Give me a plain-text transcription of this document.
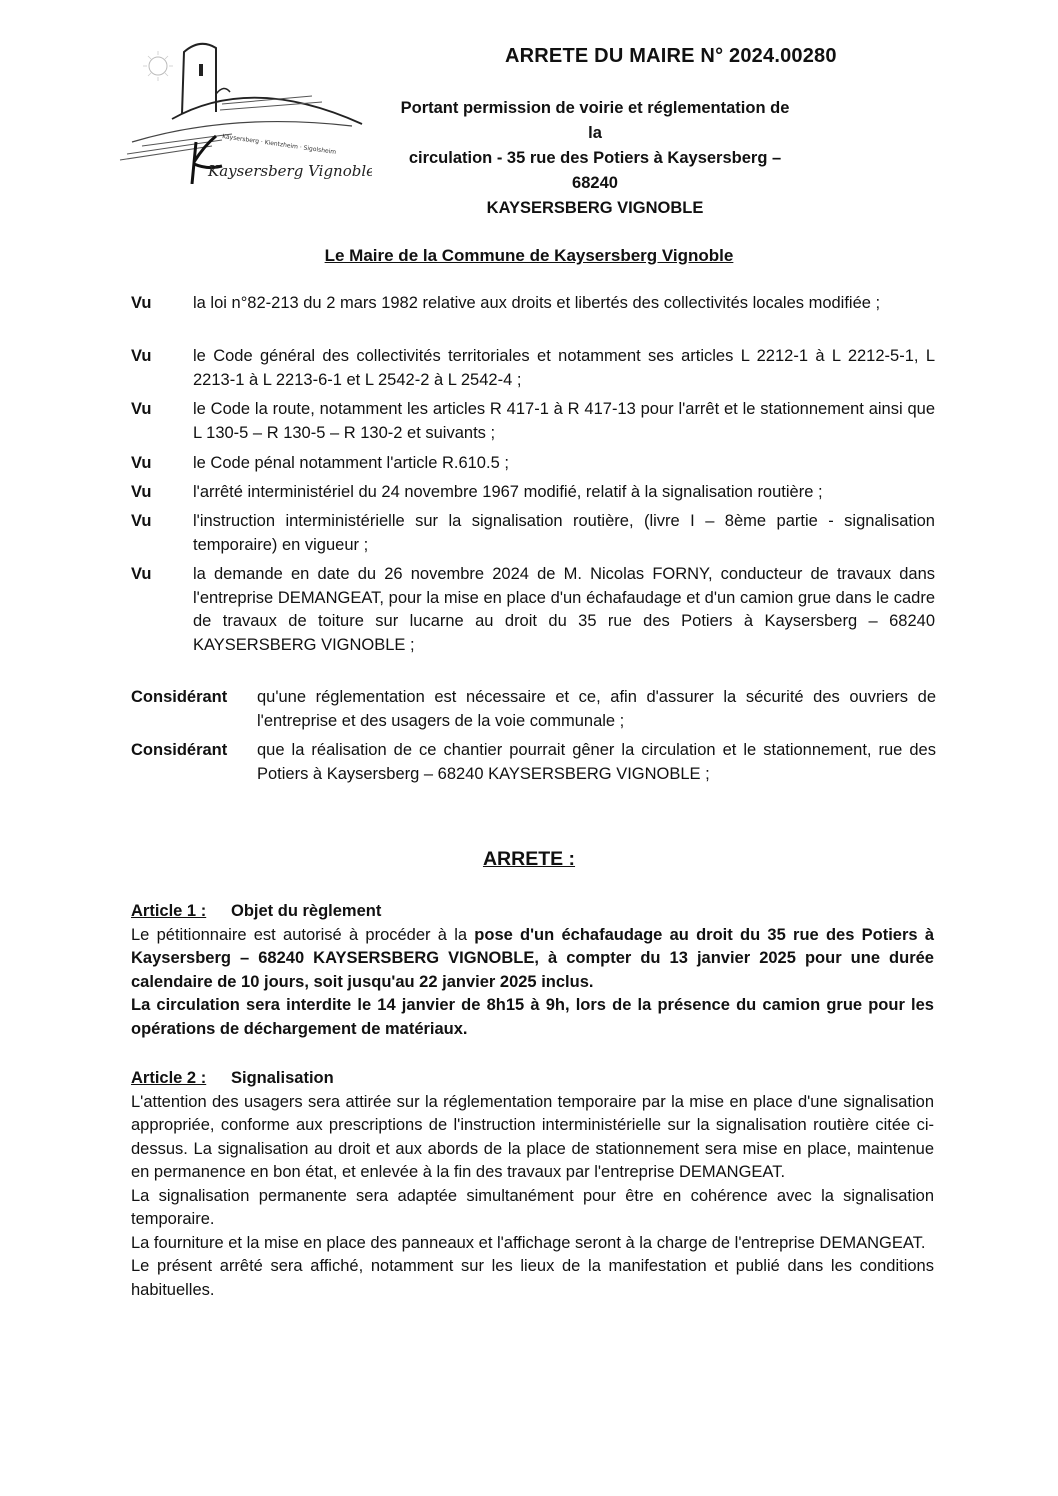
Kaysersberg · Kientzheim · Sigolsheim
Kaysersberg Vignoble
ARRETE DU MAIRE N° 2024.00280
Portant permission de voirie et réglementation de la
circulation - 35 rue des Potiers à Kaysersberg – 68240
KAYSERSBERG VIGNOBLE
Le Maire de la Commune de Kaysersberg Vignoble
Vu	la loi n°82-213 du 2 mars 1982 relative aux droits et libertés des collectivités locales modifiée ;
Vu	le Code général des collectivités territoriales et notamment ses articles L 2212-1 à L 2212-5-1, L 2213-1 à L 2213-6-1 et L 2542-2 à L 2542-4 ;
Vu	le Code la route, notamment les articles R 417-1 à R 417-13 pour l'arrêt et le stationnement ainsi que L 130-5 – R 130-5 – R 130-2 et suivants ;
Vu	le Code pénal notamment l'article R.610.5 ;
Vu	l'arrêté interministériel du 24 novembre 1967 modifié, relatif à la signalisation routière ;
Vu	l'instruction interministérielle sur la signalisation routière, (livre I – 8ème partie - signalisation temporaire) en vigueur ;
Vu	la demande en date du 26 novembre 2024 de M. Nicolas FORNY, conducteur de travaux dans l'entreprise DEMANGEAT, pour la mise en place d'un échafaudage et d'un camion grue dans le cadre de travaux de toiture sur lucarne au droit du 35 rue des Potiers à Kaysersberg – 68240 KAYSERSBERG VIGNOBLE ;
Considérant qu'une réglementation est nécessaire et ce, afin d'assurer la sécurité des ouvriers de l'entreprise et des usagers de la voie communale ;
Considérant que la réalisation de ce chantier pourrait gêner la circulation et le stationnement, rue des Potiers à Kaysersberg – 68240 KAYSERSBERG VIGNOBLE ;
ARRETE :
Article 1 : Objet du règlement

Le pétitionnaire est autorisé à procéder à la pose d'un échafaudage au droit du 35 rue des Potiers à Kaysersberg – 68240 KAYSERSBERG VIGNOBLE, à compter du 13 janvier 2025 pour une durée calendaire de 10 jours, soit jusqu'au 22 janvier 2025 inclus.

La circulation sera interdite le 14 janvier de 8h15 à 9h, lors de la présence du camion grue pour les opérations de déchargement de matériaux.

Article 2 : Signalisation

L'attention des usagers sera attirée sur la réglementation temporaire par la mise en place d'une signalisation appropriée, conforme aux prescriptions de l'instruction interministérielle sur la signalisation routière citée ci-dessus. La signalisation au droit et aux abords de la place de stationnement sera mise en place, maintenue en permanence en bon état, et enlevée à la fin des travaux par l'entreprise DEMANGEAT.

La signalisation permanente sera adaptée simultanément pour être en cohérence avec la signalisation temporaire.

La fourniture et la mise en place des panneaux et l'affichage seront à la charge de l'entreprise DEMANGEAT.

Le présent arrêté sera affiché, notamment sur les lieux de la manifestation et publié dans les conditions habituelles.
